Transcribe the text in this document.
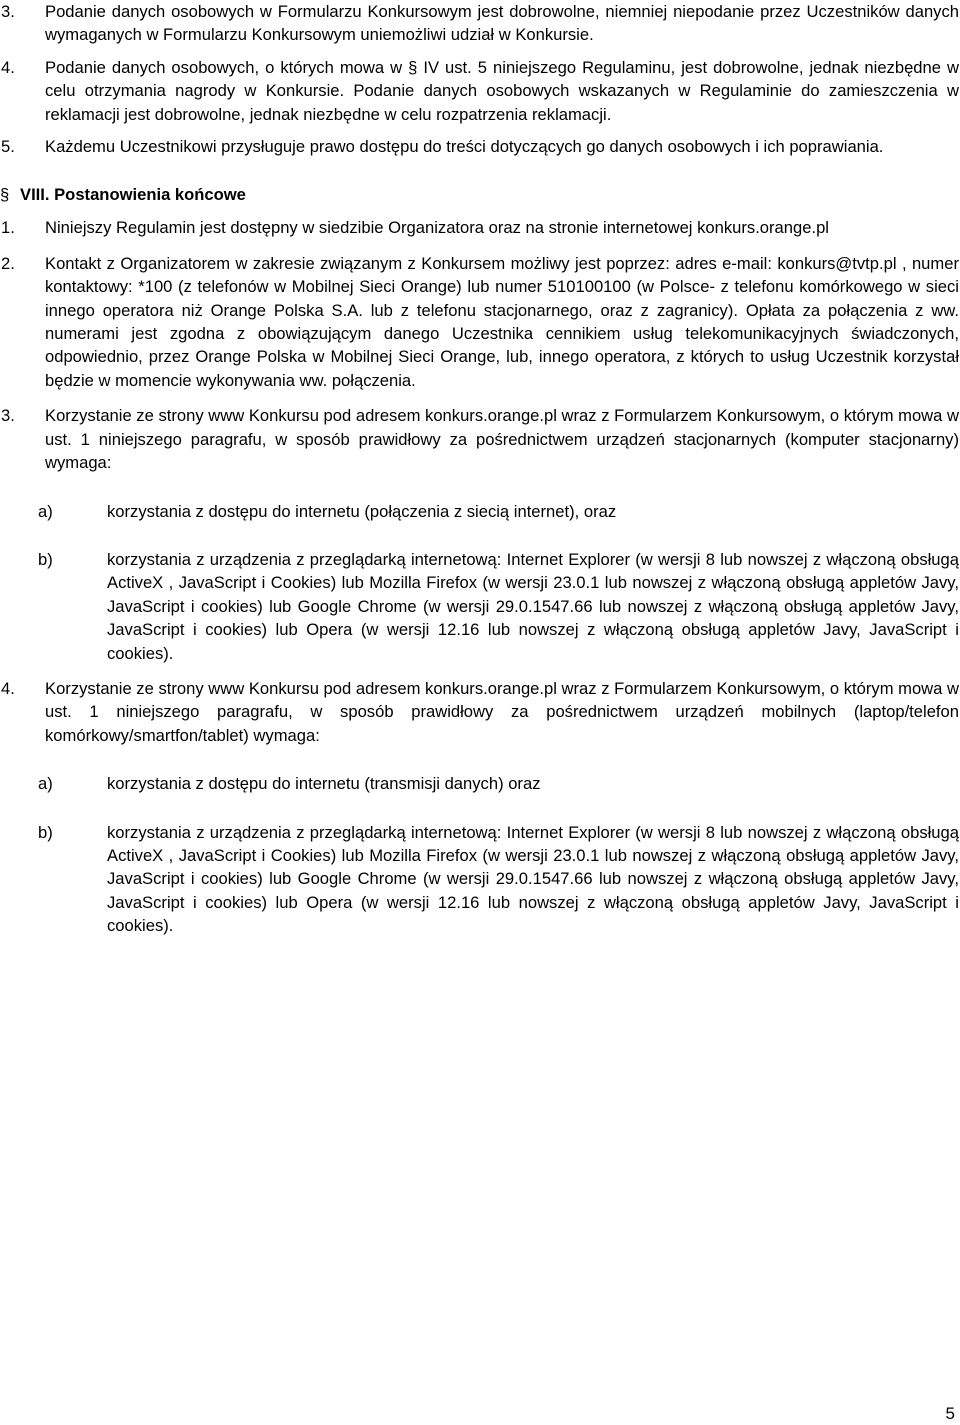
3. Podanie danych osobowych w Formularzu Konkursowym jest dobrowolne, niemniej niepodanie przez Uczestników danych wymaganych w Formularzu Konkursowym uniemożliwi udział w Konkursie.

4. Podanie danych osobowych, o których mowa w § IV ust. 5 niniejszego Regulaminu, jest dobrowolne, jednak niezbędne w celu otrzymania nagrody w Konkursie. Podanie danych osobowych wskazanych w Regulaminie do zamieszczenia w reklamacji jest dobrowolne, jednak niezbędne w celu rozpatrzenia reklamacji.

5. Każdemu Uczestnikowi przysługuje prawo dostępu do treści dotyczących go danych osobowych i ich poprawiania.

§ VIII. Postanowienia końcowe
1. Niniejszy Regulamin jest dostępny w siedzibie Organizatora oraz na stronie internetowej konkurs.orange.pl

2. Kontakt z Organizatorem w zakresie związanym z Konkursem możliwy jest poprzez: adres e-mail: konkurs@tvtp.pl , numer kontaktowy: *100 (z telefonów w Mobilnej Sieci Orange) lub numer 510100100 (w Polsce- z telefonu komórkowego w sieci innego operatora niż Orange Polska S.A. lub z telefonu stacjonarnego, oraz z zagranicy). Opłata za połączenia z ww. numerami jest zgodna z obowiązującym danego Uczestnika cennikiem usług telekomunikacyjnych świadczonych, odpowiednio, przez Orange Polska w Mobilnej Sieci Orange, lub, innego operatora, z których to usług Uczestnik korzystał będzie w momencie wykonywania ww. połączenia.

3. Korzystanie ze strony www Konkursu pod adresem konkurs.orange.pl wraz z Formularzem Konkursowym, o którym mowa w ust. 1 niniejszego paragrafu, w sposób prawidłowy za pośrednictwem urządzeń stacjonarnych (komputer stacjonarny) wymaga:

a)	korzystania z dostępu do internetu (połączenia z siecią internet), oraz

b)	korzystania z urządzenia z przeglądarką internetową: Internet Explorer (w wersji 8 lub nowszej z włączoną obsługą ActiveX , JavaScript i Cookies) lub Mozilla Firefox (w wersji 23.0.1 lub nowszej z włączoną obsługą appletów Javy, JavaScript i cookies) lub Google Chrome (w wersji 29.0.1547.66 lub nowszej z włączoną obsługą appletów Javy, JavaScript i cookies) lub Opera (w wersji 12.16 lub nowszej z włączoną obsługą appletów Javy, JavaScript i cookies).

4. Korzystanie ze strony www Konkursu pod adresem konkurs.orange.pl wraz z Formularzem Konkursowym, o którym mowa w ust. 1 niniejszego paragrafu, w sposób prawidłowy za pośrednictwem urządzeń mobilnych (laptop/telefon komórkowy/smartfon/tablet) wymaga:

a)	korzystania z dostępu do internetu (transmisji danych) oraz

b)	korzystania z urządzenia z przeglądarką internetową: Internet Explorer (w wersji 8 lub nowszej z włączoną obsługą ActiveX , JavaScript i Cookies) lub Mozilla Firefox (w wersji 23.0.1 lub nowszej z włączoną obsługą appletów Javy, JavaScript i cookies) lub Google Chrome (w wersji 29.0.1547.66 lub nowszej z włączoną obsługą appletów Javy, JavaScript i cookies) lub Opera (w wersji 12.16 lub nowszej z włączoną obsługą appletów Javy, JavaScript i cookies).

5
